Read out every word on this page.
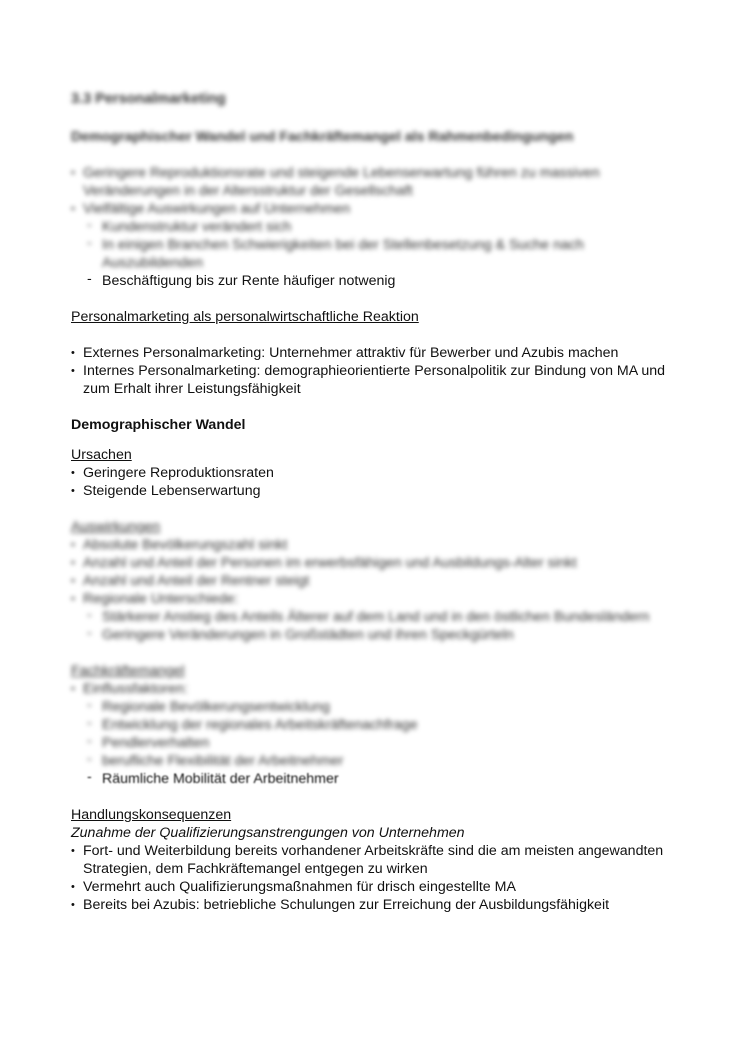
3.3 Personalmarketing
Demographischer Wandel und Fachkräftemangel als Rahmenbedingungen
• Geringere Reproduktionsrate und steigende Lebenserwartung führen zu massiven Veränderungen in der Altersstruktur der Gesellschaft
• Vielfältige Auswirkungen auf Unternehmen
- Kundenstruktur verändert sich
- In einigen Branchen Schwierigkeiten bei der Stellenbesetzung & Suche nach Auszubildenden
- Beschäftigung bis zur Rente häufiger notwenig
Personalmarketing als personalwirtschaftliche Reaktion
• Externes Personalmarketing: Unternehmer attraktiv für Bewerber und Azubis machen
• Internes Personalmarketing: demographieorientierte Personalpolitik zur Bindung von MA und zum Erhalt ihrer Leistungsfähigkeit
Demographischer Wandel
Ursachen
• Geringere Reproduktionsraten
• Steigende Lebenserwartung
Auswirkungen
• Absolute Bevölkerungszahl sinkt
• Anzahl und Anteil der Personen im erwerbsfähigen und Ausbildungs-Alter sinkt
• Anzahl und Anteil der Rentner steigt
• Regionale Unterschiede:
- Stärkerer Anstieg des Anteils Älterer auf dem Land und in den östlichen Bundesländern
- Geringere Veränderungen in Großstädten und ihren Speckgürteln
Fachkräftemangel
• Einflussfaktoren:
- Regionale Bevölkerungsentwicklung
- Entwicklung der regionales Arbeitskräftenachfrage
- Pendlerverhalten
- berufliche Flexibilität der Arbeitnehmer
- Räumliche Mobilität der Arbeitnehmer
Handlungskonsequenzen
Zunahme der Qualifizierungsanstrengungen von Unternehmen
• Fort- und Weiterbildung bereits vorhandener Arbeitskräfte sind die am meisten angewandten Strategien, dem Fachkräftemangel entgegen zu wirken
• Vermehrt auch Qualifizierungsmaßnahmen für drisch eingestellte MA
• Bereits bei Azubis: betriebliche Schulungen zur Erreichung der Ausbildungsfähigkeit
